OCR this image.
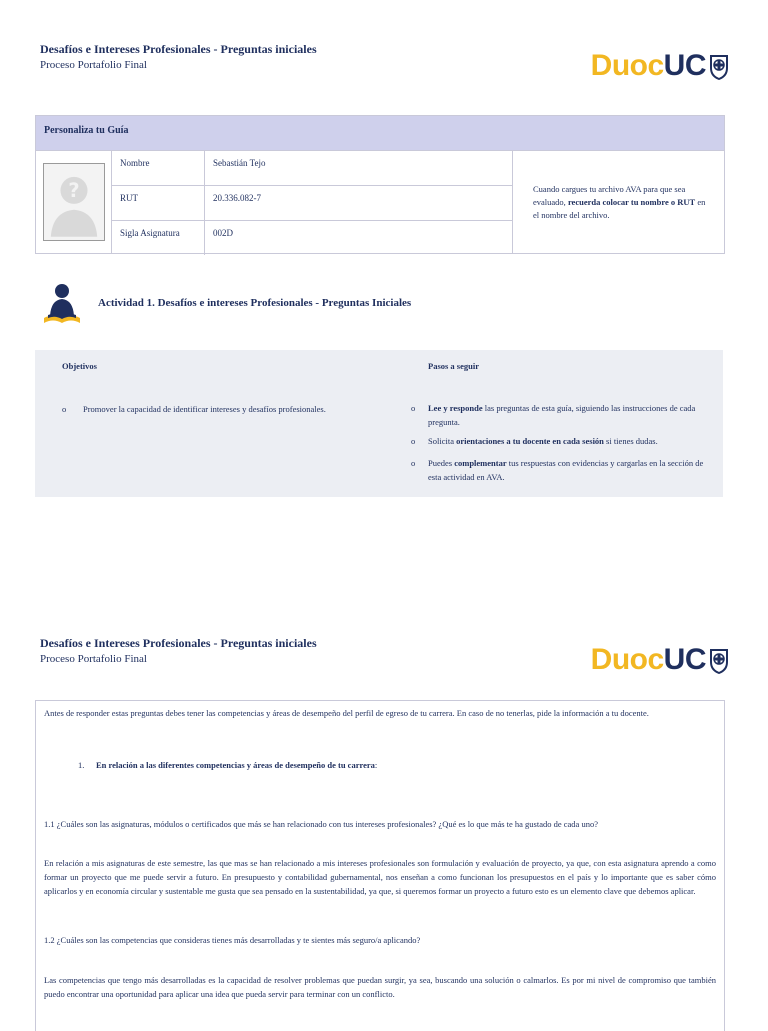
Desafíos e Intereses Profesionales - Preguntas iniciales
Proceso Portafolio Final	Duoc UC
Personaliza tu Guía
?
Nombre	Sebastián Tejo
RUT	20.336.082-7
Sigla Asignatura	002D
Cuando cargues tu archivo AVA para que sea evaluado, recuerda colocar tu nombre o RUT en el nombre del archivo.
Actividad 1. Desafíos e intereses Profesionales - Preguntas Iniciales
Objetivos	Pasos a seguir
o	Promover la capacidad de identificar intereses y desafíos profesionales.	o	Lee y responde las preguntas de esta guía, siguiendo las instrucciones de cada pregunta.
o	Solicita orientaciones a tu docente en cada sesión si tienes dudas.
o	Puedes complementar tus respuestas con evidencias y cargarlas en la sección de esta actividad en AVA.
Desafíos e Intereses Profesionales - Preguntas iniciales
Proceso Portafolio Final	Duoc UC

Antes de responder estas preguntas debes tener las competencias y áreas de desempeño del perfil de egreso de tu carrera. En caso de no tenerlas, pide la información a tu docente.

1. En relación a las diferentes competencias y áreas de desempeño de tu carrera:

1.1 ¿Cuáles son las asignaturas, módulos o certificados que más se han relacionado con tus intereses profesionales? ¿Qué es lo que más te ha gustado de cada uno?

En relación a mis asignaturas de este semestre, las que mas se han relacionado a mis intereses profesionales son formulación y evaluación de proyecto, ya que, con esta asignatura aprendo a como formar un proyecto que me puede servir a futuro. En presupuesto y contabilidad gubernamental, nos enseñan a como funcionan los presupuestos en el país y lo importante que es saber cómo aplicarlos y en economía circular y sustentable me gusta que sea pensado en la sustentabilidad, ya que, si queremos formar un proyecto a futuro esto es un elemento clave que debemos aplicar.

1.2 ¿Cuáles son las competencias que consideras tienes más desarrolladas y te sientes más seguro/a aplicando?

Las competencias que tengo más desarrolladas es la capacidad de resolver problemas que puedan surgir, ya sea, buscando una solución o calmarlos. Es por mi nivel de compromiso que también puedo encontrar una oportunidad para aplicar una idea que pueda servir para terminar con un conflicto.
